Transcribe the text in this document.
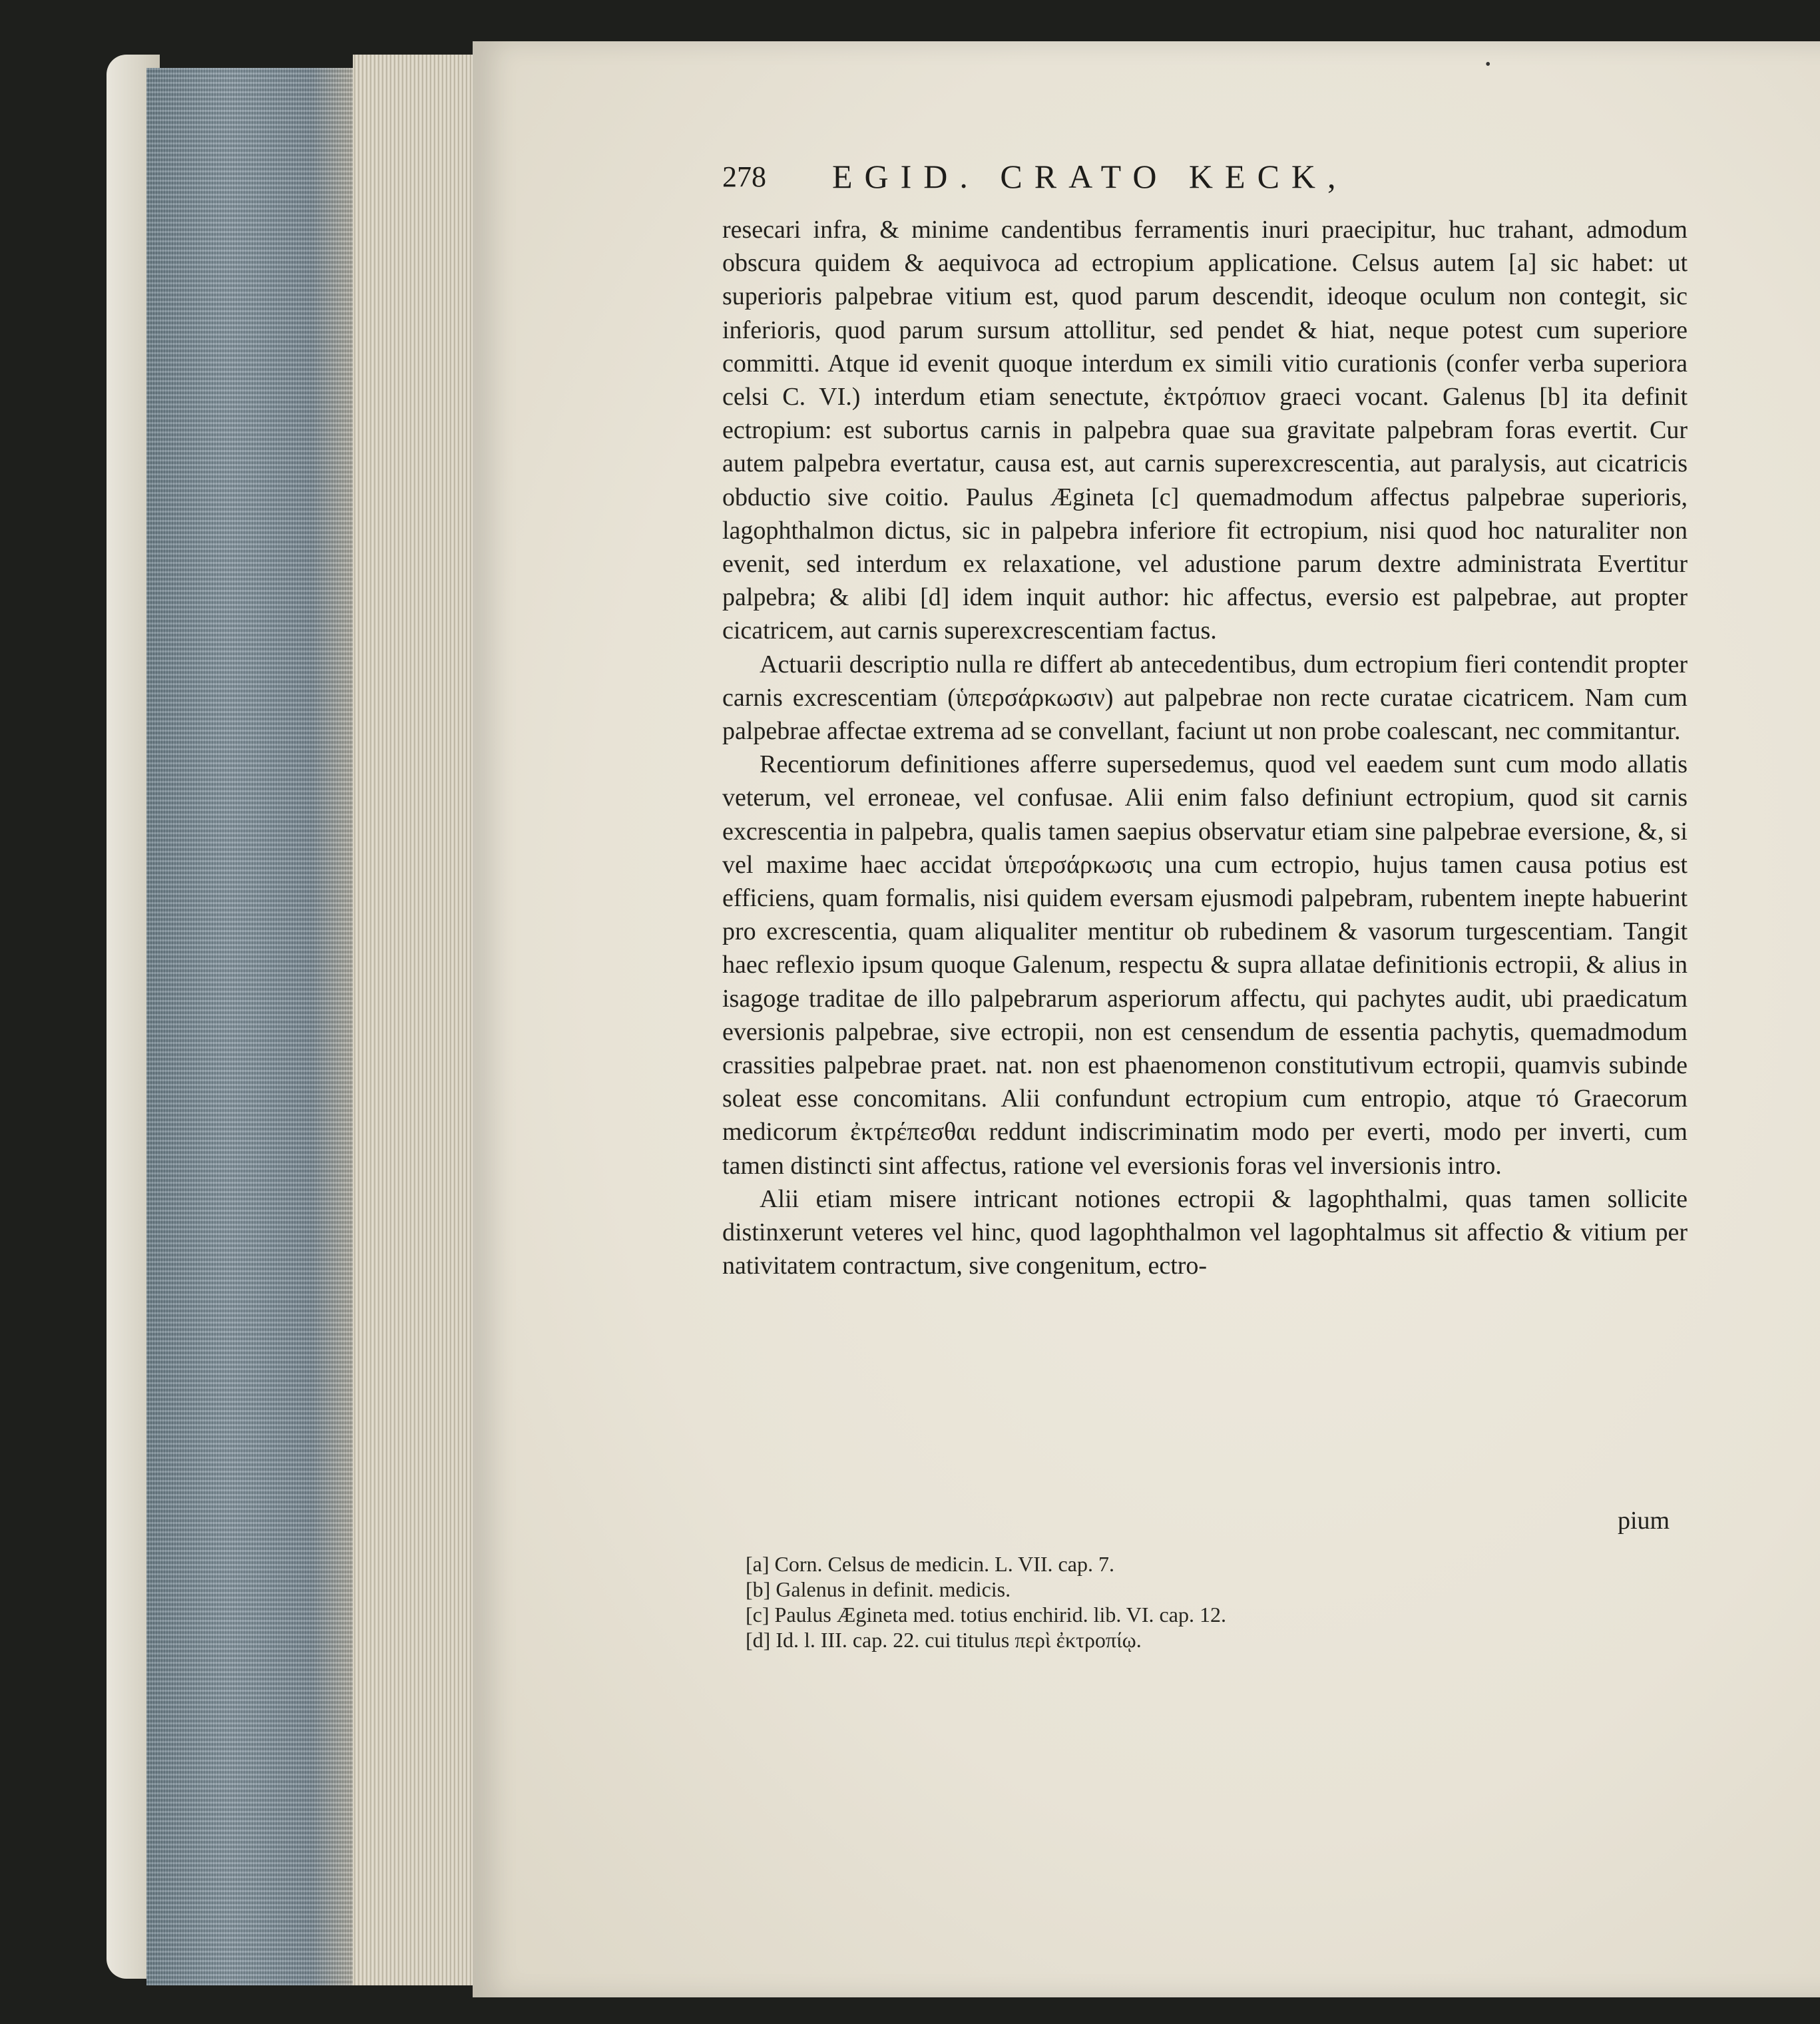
•
278 EGID. CRATO KECK,

resecari infra, & minime candentibus ferramentis inuri praecipitur, huc trahant, admodum obscura quidem & aequivoca ad ectropium applicatione. Celsus autem [a] sic habet: ut superioris palpebrae vitium est, quod parum descendit, ideoque oculum non contegit, sic inferioris, quod parum sursum attollitur, sed pendet & hiat, neque potest cum superiore committi. Atque id evenit quoque interdum ex simili vitio curationis (confer verba superiora celsi C. VI.) interdum etiam senectute, ἐκτρόπιον graeci vocant. Galenus [b] ita definit ectropium: est subortus carnis in palpebra quae sua gravitate palpebram foras evertit. Cur autem palpebra evertatur, causa est, aut carnis superexcrescentia, aut paralysis, aut cicatricis obductio sive coitio. Paulus Ægineta [c] quemadmodum affectus palpebrae superioris, lagophthalmon dictus, sic in palpebra inferiore fit ectropium, nisi quod hoc naturaliter non evenit, sed interdum ex relaxatione, vel adustione parum dextre administrata Evertitur palpebra; & alibi [d] idem inquit author: hic affectus, eversio est palpebrae, aut propter cicatricem, aut carnis superexcrescentiam factus.

Actuarii descriptio nulla re differt ab antecedentibus, dum ectropium fieri contendit propter carnis excrescentiam (ὑπερσάρκωσιν) aut palpebrae non recte curatae cicatricem. Nam cum palpebrae affectae extrema ad se convellant, faciunt ut non probe coalescant, nec commitantur.

Recentiorum definitiones afferre supersedemus, quod vel eaedem sunt cum modo allatis veterum, vel erroneae, vel confusae. Alii enim falso definiunt ectropium, quod sit carnis excrescentia in palpebra, qualis tamen saepius observatur etiam sine palpebrae eversione, &, si vel maxime haec accidat ὑπερσάρκωσις una cum ectropio, hujus tamen causa potius est efficiens, quam formalis, nisi quidem eversam ejusmodi palpebram, rubentem inepte habuerint pro excrescentia, quam aliqualiter mentitur ob rubedinem & vasorum turgescentiam. Tangit haec reflexio ipsum quoque Galenum, respectu & supra allatae definitionis ectropii, & alius in isagoge traditae de illo palpebrarum asperiorum affectu, qui pachytes audit, ubi praedicatum eversionis palpebrae, sive ectropii, non est censendum de essentia pachytis, quemadmodum crassities palpebrae praet. nat. non est phaenomenon constitutivum ectropii, quamvis subinde soleat esse concomitans. Alii confundunt ectropium cum entropio, atque τό Graecorum medicorum ἐκτρέπεσθαι reddunt indiscriminatim modo per everti, modo per inverti, cum tamen distincti sint affectus, ratione vel eversionis foras vel inversionis intro.

Alii etiam misere intricant notiones ectropii & lagophthalmi, quas tamen sollicite distinxerunt veteres vel hinc, quod lagophthalmon vel lagophtalmus sit affectio & vitium per nativitatem contractum, sive congenitum, ectro-

pium
[a] Corn. Celsus de medicin. L. VII. cap. 7.
[b] Galenus in definit. medicis.
[c] Paulus Ægineta med. totius enchirid. lib. VI. cap. 12.
[d] Id. l. III. cap. 22. cui titulus περὶ ἐκτροπίῳ.
